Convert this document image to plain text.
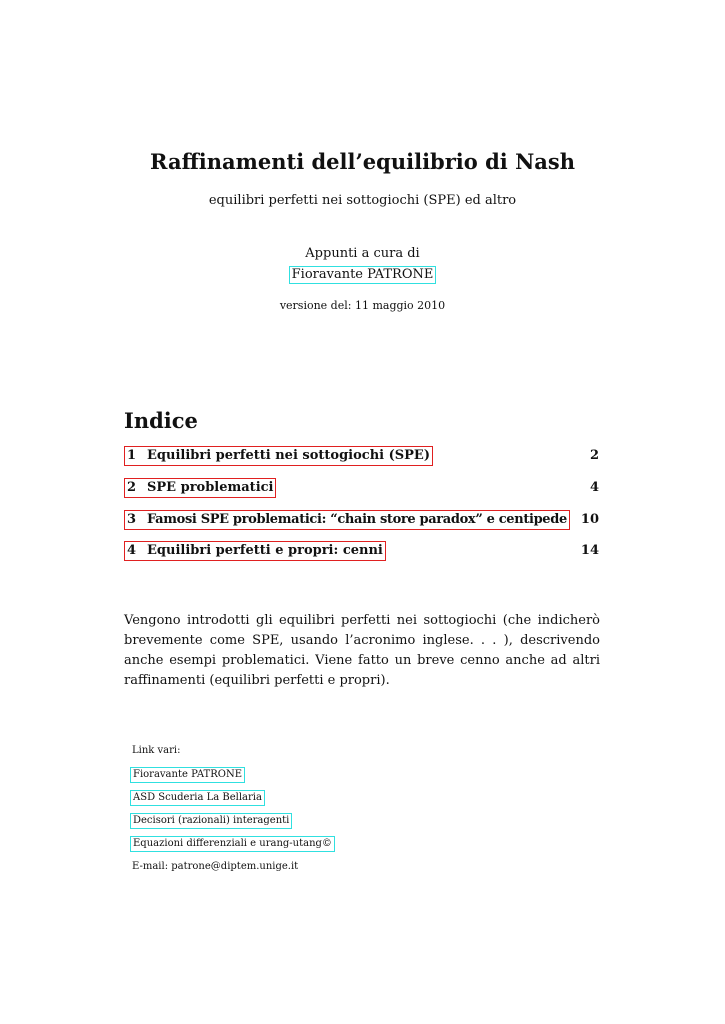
Raffinamenti dell’equilibrio di Nash
equilibri perfetti nei sottogiochi (SPE) ed altro
Appunti a cura di
Fioravante PATRONE
versione del: 11 maggio 2010
Indice
1 Equilibri perfetti nei sottogiochi (SPE)	2
2 SPE problematici	4
3 Famosi SPE problematici: “chain store paradox” e centipede 10
4 Equilibri perfetti e propri: cenni	14
Vengono introdotti gli equilibri perfetti nei sottogiochi (che indicherò brevemente come SPE, usando l’acronimo inglese. . . ), descrivendo anche esempi problematici. Viene fatto un breve cenno anche ad altri raffinamenti (equilibri perfetti e propri).
Link vari:
Fioravante PATRONE
ASD Scuderia La Bellaria
Decisori (razionali) interagenti
Equazioni differenziali e urang-utang©
E-mail: patrone@diptem.unige.it
